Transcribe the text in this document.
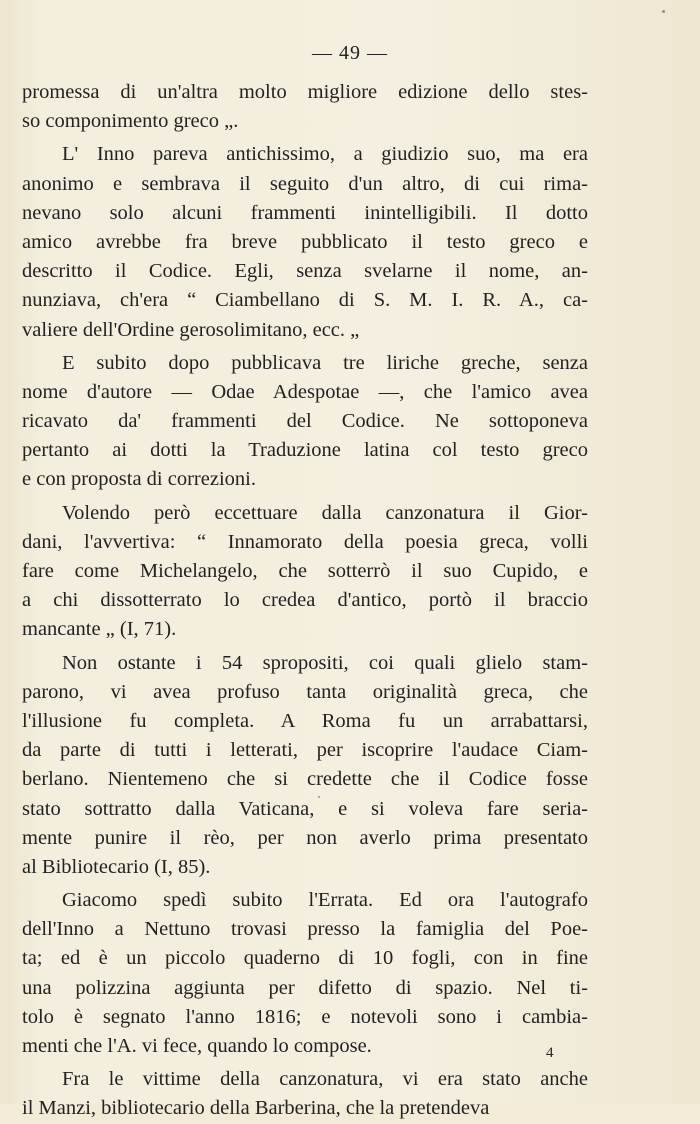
— 49 —
promessa di un'altra molto migliore edizione dello stes-
so componimento greco „.
L' Inno pareva antichissimo, a giudizio suo, ma era
anonimo e sembrava il seguito d'un altro, di cui rima-
nevano solo alcuni frammenti inintelligibili. Il dotto
amico avrebbe fra breve pubblicato il testo greco e
descritto il Codice. Egli, senza svelarne il nome, an-
nunziava, ch'era “ Ciambellano di S. M. I. R. A., ca-
valiere dell'Ordine gerosolimitano, ecc. „
E subito dopo pubblicava tre liriche greche, senza
nome d'autore — Odae Adespotae —, che l'amico avea
ricavato da' frammenti del Codice. Ne sottoponeva
pertanto ai dotti la Traduzione latina col testo greco
e con proposta di correzioni.
Volendo però eccettuare dalla canzonatura il Gior-
dani, l'avvertiva: “ Innamorato della poesia greca, volli
fare come Michelangelo, che sotterrò il suo Cupido, e
a chi dissotterrato lo credea d'antico, portò il braccio
mancante „ (I, 71).
Non ostante i 54 spropositi, coi quali glielo stam-
parono, vi avea profuso tanta originalità greca, che
l'illusione fu completa. A Roma fu un arrabattarsi,
da parte di tutti i letterati, per iscoprire l'audace Ciam-
berlano. Nientemeno che si credette che il Codice fosse
stato sottratto dalla Vaticana, e si voleva fare seria-
mente punire il rèo, per non averlo prima presentato
al Bibliotecario (I, 85).
Giacomo spedì subito l'Errata. Ed ora l'autografo
dell'Inno a Nettuno trovasi presso la famiglia del Poe-
ta; ed è un piccolo quaderno di 10 fogli, con in fine
una polizzina aggiunta per difetto di spazio. Nel ti-
tolo è segnato l'anno 1816; e notevoli sono i cambia-
menti che l'A. vi fece, quando lo compose.
Fra le vittime della canzonatura, vi era stato anche
il Manzi, bibliotecario della Barberina, che la pretendeva
4
